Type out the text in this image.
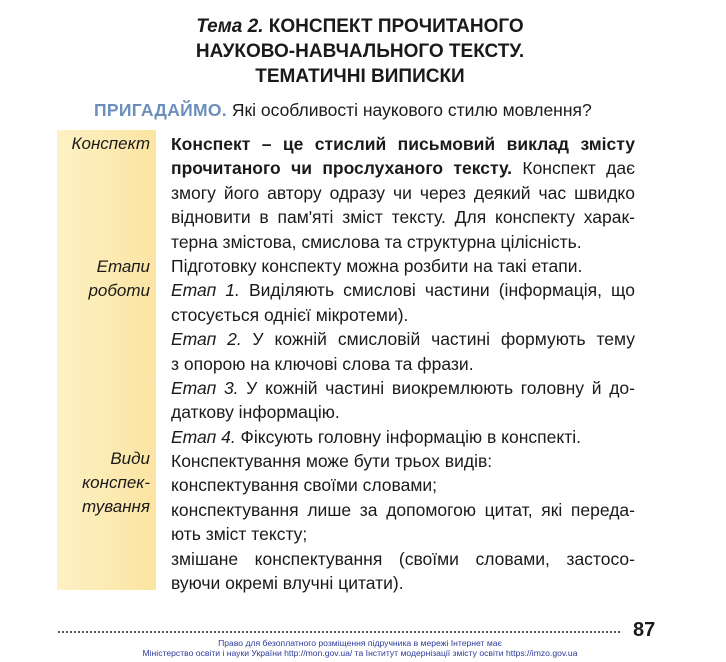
Тема 2. КОНСПЕКТ ПРОЧИТАНОГО
НАУКОВО-НАВЧАЛЬНОГО ТЕКСТУ.
ТЕМАТИЧНІ ВИПИСКИ
ПРИГАДАЙМО. Які особливості наукового стилю мовлення?
Конспект
Етапи
роботи
Види
конспек-
тування
Конспект – це стислий письмовий виклад змісту
прочитаного чи прослуханого тексту. Конспект дає
змогу його автору одразу чи через деякий час швидко
відновити в пам'яті зміст тексту. Для конспекту харак-
терна змістова, смислова та структурна цілісність.
Підготовку конспекту можна розбити на такі етапи.
Етап 1. Виділяють смислові частини (інформація, що
стосується однієї мікротеми).
Етап 2. У кожній смисловій частині формують тему
з опорою на ключові слова та фрази.
Етап 3. У кожній частині виокремлюють головну й до-
даткову інформацію.
Етап 4. Фіксують головну інформацію в конспекті.
Конспектування може бути трьох видів:
конспектування своїми словами;
конспектування лише за допомогою цитат, які переда-
ють зміст тексту;
змішане конспектування (своїми словами, застосо-
вуючи окремі влучні цитати).
87
Право для безоплатного розміщення підручника в мережі Інтернет має
Міністерство освіти і науки України http://mon.gov.ua/ та Інститут модернізації змісту освіти https://imzo.gov.ua
